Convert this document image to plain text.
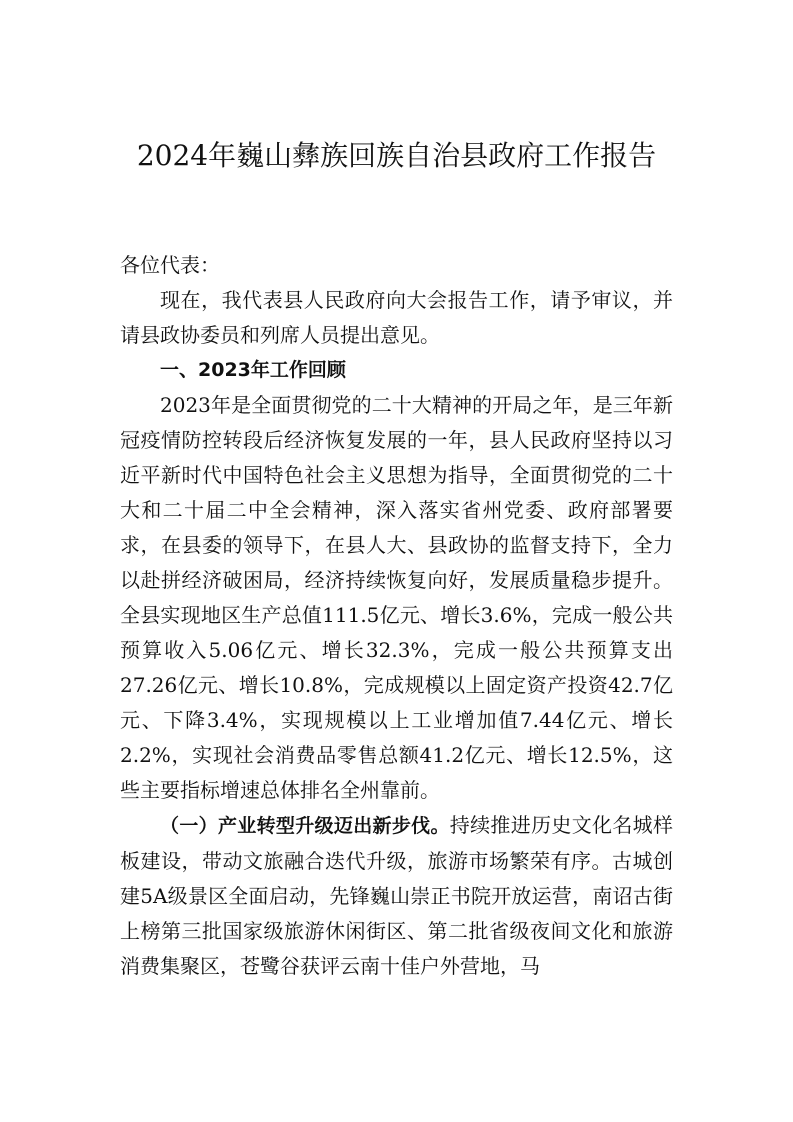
2024年巍山彝族回族自治县政府工作报告

各位代表：

现在，我代表县人民政府向大会报告工作，请予审议，并请县政协委员和列席人员提出意见。

一、2023年工作回顾

2023年是全面贯彻党的二十大精神的开局之年，是三年新冠疫情防控转段后经济恢复发展的一年，县人民政府坚持以习近平新时代中国特色社会主义思想为指导，全面贯彻党的二十大和二十届二中全会精神，深入落实省州党委、政府部署要求，在县委的领导下，在县人大、县政协的监督支持下，全力以赴拼经济破困局，经济持续恢复向好，发展质量稳步提升。全县实现地区生产总值111.5亿元、增长3.6%，完成一般公共预算收入5.06亿元、增长32.3%，完成一般公共预算支出27.26亿元、增长10.8%，完成规模以上固定资产投资42.7亿元、下降3.4%，实现规模以上工业增加值7.44亿元、增长2.2%，实现社会消费品零售总额41.2亿元、增长12.5%，这些主要指标增速总体排名全州靠前。

（一）产业转型升级迈出新步伐。持续推进历史文化名城样板建设，带动文旅融合迭代升级，旅游市场繁荣有序。古城创建5A级景区全面启动，先锋巍山崇正书院开放运营，南诏古街上榜第三批国家级旅游休闲街区、第二批省级夜间文化和旅游消费集聚区，苍鹭谷获评云南十佳户外营地，马
